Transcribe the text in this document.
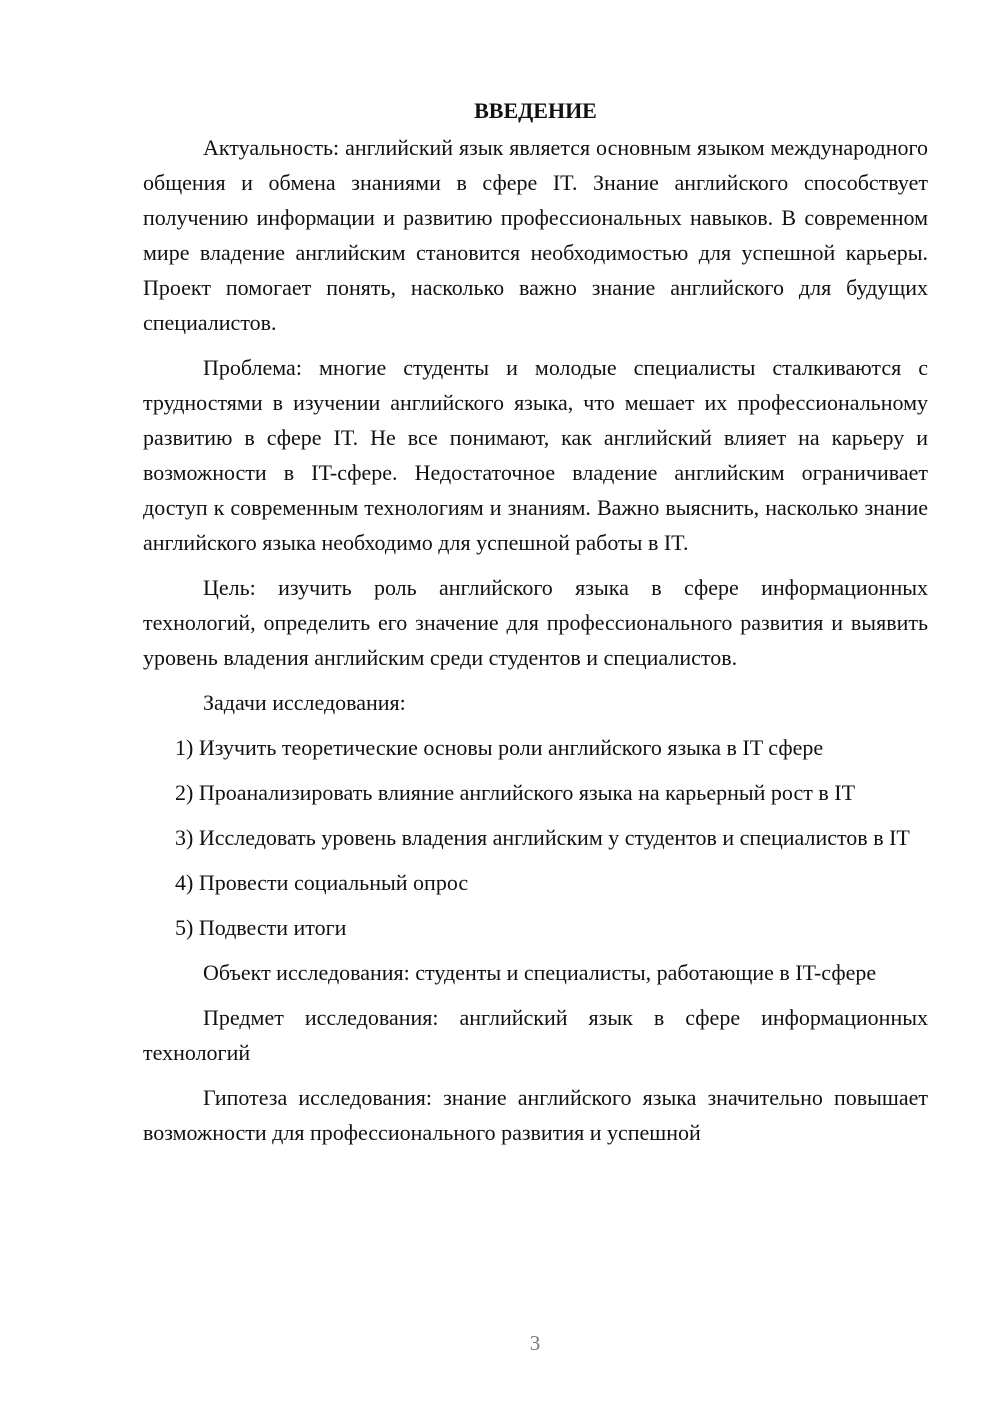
ВВЕДЕНИЕ

Актуальность: английский язык является основным языком международного общения и обмена знаниями в сфере IT. Знание английского способствует получению информации и развитию профессиональных навыков. В современном мире владение английским становится необходимостью для успешной карьеры. Проект помогает понять, насколько важно знание английского для будущих специалистов.

Проблема: многие студенты и молодые специалисты сталкиваются с трудностями в изучении английского языка, что мешает их профессиональному развитию в сфере IT. Не все понимают, как английский влияет на карьеру и возможности в IT-сфере. Недостаточное владение английским ограничивает доступ к современным технологиям и знаниям. Важно выяснить, насколько знание английского языка необходимо для успешной работы в IT.

Цель: изучить роль английского языка в сфере информационных технологий, определить его значение для профессионального развития и выявить уровень владения английским среди студентов и специалистов.

Задачи исследования:

1) Изучить теоретические основы роли английского языка в IT сфере

2) Проанализировать влияние английского языка на карьерный рост в IT

3) Исследовать уровень владения английским у студентов и специалистов в IT

4) Провести социальный опрос

5) Подвести итоги

Объект исследования: студенты и специалисты, работающие в IT-сфере

Предмет исследования: английский язык в сфере информационных технологий

Гипотеза исследования: знание английского языка значительно повышает возможности для профессионального развития и успешной

3
